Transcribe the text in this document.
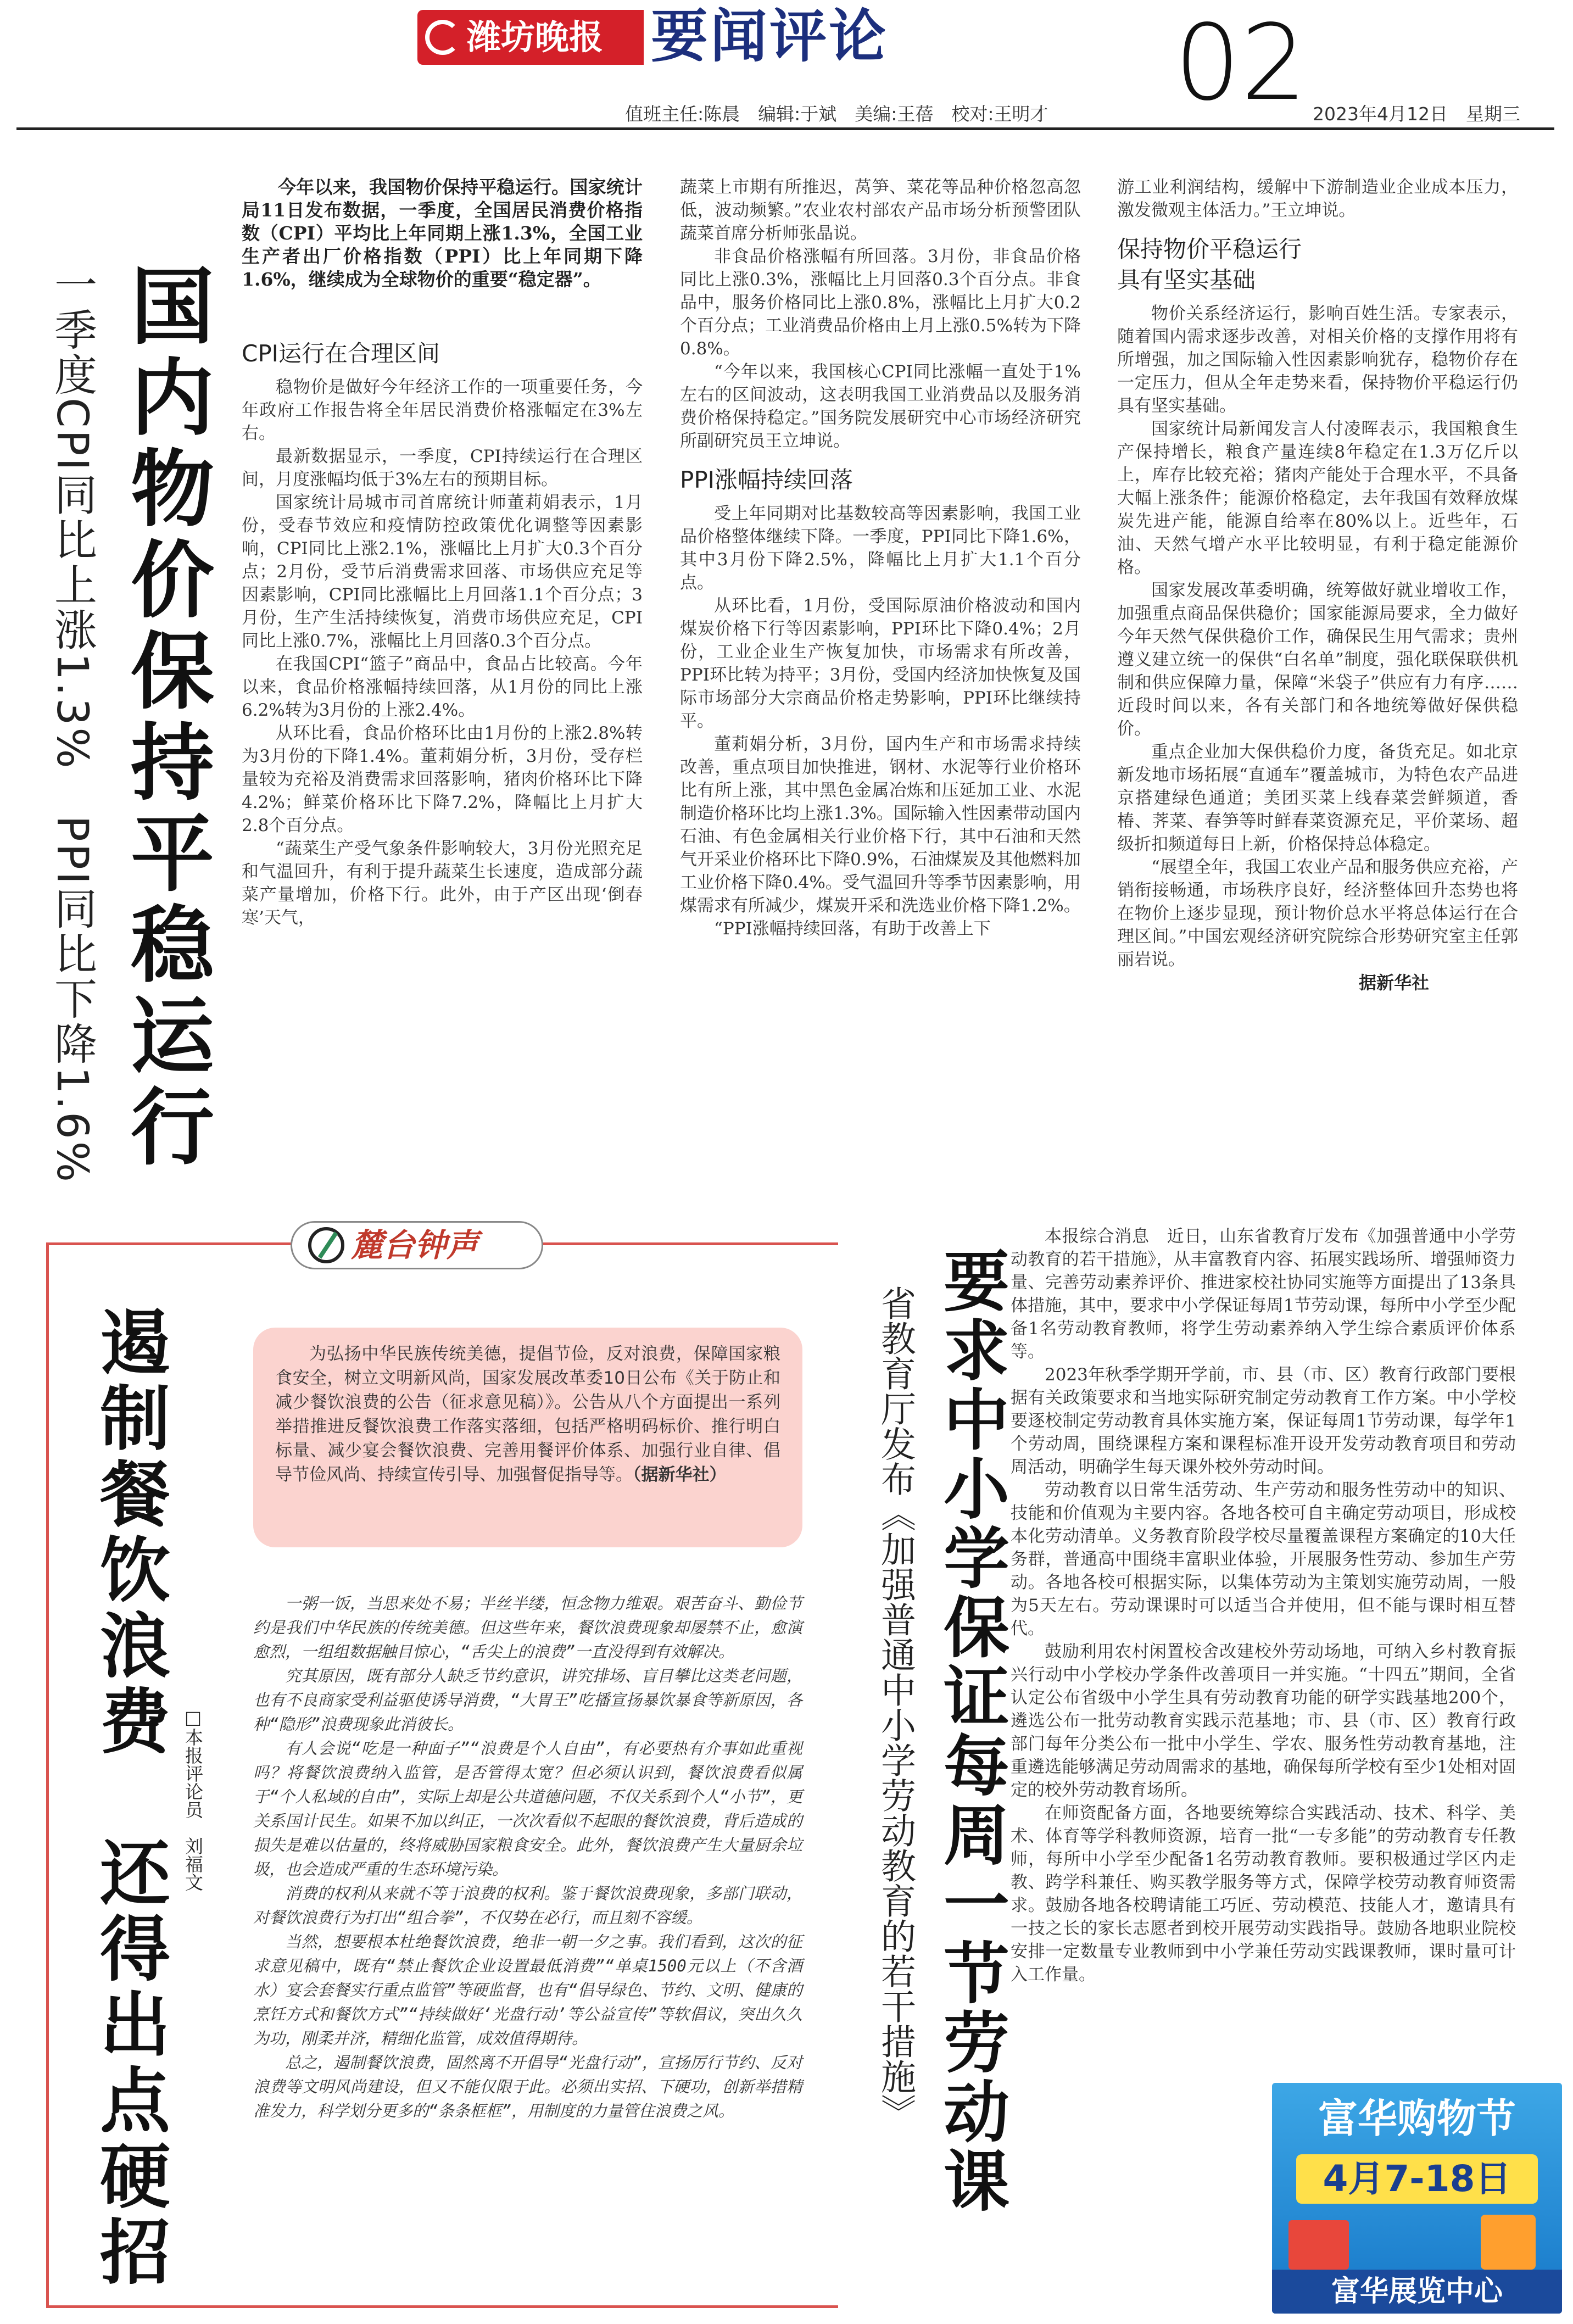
潍坊晚报 要闻评论	02
值班主任:陈晨　编辑:于斌　美编:王蓓　校对:王明才	2023年4月12日　星期三
国内物价保持平稳运行
一季度CPI同比上涨1.3%　PPI同比下降1.6%

今年以来，我国物价保持平稳运行。国家统计局11日发布数据，一季度，全国居民消费价格指数（CPI）平均比上年同期上涨1.3%，全国工业生产者出厂价格指数（PPI）比上年同期下降1.6%，继续成为全球物价的重要“稳定器”。

CPI运行在合理区间

稳物价是做好今年经济工作的一项重要任务，今年政府工作报告将全年居民消费价格涨幅定在3%左右。

最新数据显示，一季度，CPI持续运行在合理区间，月度涨幅均低于3%左右的预期目标。

国家统计局城市司首席统计师董莉娟表示，1月份，受春节效应和疫情防控政策优化调整等因素影响，CPI同比上涨2.1%，涨幅比上月扩大0.3个百分点；2月份，受节后消费需求回落、市场供应充足等因素影响，CPI同比涨幅比上月回落1.1个百分点；3月份，生产生活持续恢复，消费市场供应充足，CPI同比上涨0.7%，涨幅比上月回落0.3个百分点。

在我国CPI“篮子”商品中，食品占比较高。今年以来，食品价格涨幅持续回落，从1月份的同比上涨6.2%转为3月份的上涨2.4%。

从环比看，食品价格环比由1月份的上涨2.8%转为3月份的下降1.4%。董莉娟分析，3月份，受存栏量较为充裕及消费需求回落影响，猪肉价格环比下降4.2%；鲜菜价格环比下降7.2%，降幅比上月扩大2.8个百分点。

“蔬菜生产受气象条件影响较大，3月份光照充足和气温回升，有利于提升蔬菜生长速度，造成部分蔬菜产量增加，价格下行。此外，由于产区出现‘倒春寒’天气，

蔬菜上市期有所推迟，莴笋、菜花等品种价格忽高忽低，波动频繁。”农业农村部农产品市场分析预警团队蔬菜首席分析师张晶说。

非食品价格涨幅有所回落。3月份，非食品价格同比上涨0.3%，涨幅比上月回落0.3个百分点。非食品中，服务价格同比上涨0.8%，涨幅比上月扩大0.2个百分点；工业消费品价格由上月上涨0.5%转为下降0.8%。

“今年以来，我国核心CPI同比涨幅一直处于1%左右的区间波动，这表明我国工业消费品以及服务消费价格保持稳定。”国务院发展研究中心市场经济研究所副研究员王立坤说。

PPI涨幅持续回落

受上年同期对比基数较高等因素影响，我国工业品价格整体继续下降。一季度，PPI同比下降1.6%，其中3月份下降2.5%，降幅比上月扩大1.1个百分点。

从环比看，1月份，受国际原油价格波动和国内煤炭价格下行等因素影响，PPI环比下降0.4%；2月份，工业企业生产恢复加快，市场需求有所改善，PPI环比转为持平；3月份，受国内经济加快恢复及国际市场部分大宗商品价格走势影响，PPI环比继续持平。

董莉娟分析，3月份，国内生产和市场需求持续改善，重点项目加快推进，钢材、水泥等行业价格环比有所上涨，其中黑色金属冶炼和压延加工业、水泥制造价格环比均上涨1.3%。国际输入性因素带动国内石油、有色金属相关行业价格下行，其中石油和天然气开采业价格环比下降0.9%，石油煤炭及其他燃料加工业价格下降0.4%。受气温回升等季节因素影响，用煤需求有所减少，煤炭开采和洗选业价格下降1.2%。

“PPI涨幅持续回落，有助于改善上下

游工业利润结构，缓解中下游制造业企业成本压力，激发微观主体活力。”王立坤说。

保持物价平稳运行
具有坚实基础

物价关系经济运行，影响百姓生活。专家表示，随着国内需求逐步改善，对相关价格的支撑作用将有所增强，加之国际输入性因素影响犹存，稳物价存在一定压力，但从全年走势来看，保持物价平稳运行仍具有坚实基础。

国家统计局新闻发言人付凌晖表示，我国粮食生产保持增长，粮食产量连续8年稳定在1.3万亿斤以上，库存比较充裕；猪肉产能处于合理水平，不具备大幅上涨条件；能源价格稳定，去年我国有效释放煤炭先进产能，能源自给率在80%以上。近些年，石油、天然气增产水平比较明显，有利于稳定能源价格。

国家发展改革委明确，统筹做好就业增收工作，加强重点商品保供稳价；国家能源局要求，全力做好今年天然气保供稳价工作，确保民生用气需求；贵州遵义建立统一的保供“白名单”制度，强化联保联供机制和供应保障力量，保障“米袋子”供应有力有序……近段时间以来，各有关部门和各地统筹做好保供稳价。

重点企业加大保供稳价力度，备货充足。如北京新发地市场拓展“直通车”覆盖城市，为特色农产品进京搭建绿色通道；美团买菜上线春菜尝鲜频道，香椿、荠菜、春笋等时鲜春菜资源充足，平价菜场、超级折扣频道每日上新，价格保持总体稳定。

“展望全年，我国工农业产品和服务供应充裕，产销衔接畅通，市场秩序良好，经济整体回升态势也将在物价上逐步显现，预计物价总水平将总体运行在合理区间。”中国宏观经济研究院综合形势研究室主任郭丽岩说。

据新华社
麓台钟声
遏制餐饮浪费　还得出点硬招	为弘扬中华民族传统美德，提倡节俭，反对浪费，保障国家粮食安全，树立文明新风尚，国家发展改革委10日公布《关于防止和减少餐饮浪费的公告（征求意见稿）》。公告从八个方面提出一系列举措推进反餐饮浪费工作落实落细，包括严格明码标价、推行明白标量、减少宴会餐饮浪费、完善用餐评价体系、加强行业自律、倡导节俭风尚、持续宣传引导、加强督促指导等。（据新华社）
□本报评论员　刘福文

一粥一饭，当思来处不易；半丝半缕，恒念物力维艰。艰苦奋斗、勤俭节约是我们中华民族的传统美德。但这些年来，餐饮浪费现象却屡禁不止，愈演愈烈，一组组数据触目惊心，“舌尖上的浪费”一直没得到有效解决。

究其原因，既有部分人缺乏节约意识，讲究排场、盲目攀比这类老问题，也有不良商家受利益驱使诱导消费，“大胃王”吃播宣扬暴饮暴食等新原因，各种“隐形”浪费现象此消彼长。

有人会说“吃是一种面子”“浪费是个人自由”，有必要热有介事如此重视吗？将餐饮浪费纳入监管，是否管得太宽？但必须认识到，餐饮浪费看似属于“个人私域的自由”，实际上却是公共道德问题，不仅关系到个人“小节”，更关系国计民生。如果不加以纠正，一次次看似不起眼的餐饮浪费，背后造成的损失是难以估量的，终将威胁国家粮食安全。此外，餐饮浪费产生大量厨余垃圾，也会造成严重的生态环境污染。

消费的权利从来就不等于浪费的权利。鉴于餐饮浪费现象，多部门联动，对餐饮浪费行为打出“组合拳”，不仅势在必行，而且刻不容缓。

当然，想要根本杜绝餐饮浪费，绝非一朝一夕之事。我们看到，这次的征求意见稿中，既有“禁止餐饮企业设置最低消费”“单桌1500元以上（不含酒水）宴会套餐实行重点监管”等硬监督，也有“倡导绿色、节约、文明、健康的烹饪方式和餐饮方式”“持续做好‘光盘行动’等公益宣传”等软倡议，突出久久为功，刚柔并济，精细化监管，成效值得期待。

总之，遏制餐饮浪费，固然离不开倡导“光盘行动”，宣扬厉行节约、反对浪费等文明风尚建设，但又不能仅限于此。必须出实招、下硬功，创新举措精准发力，科学划分更多的“条条框框”，用制度的力量管住浪费之风。	要求中小学保证每周一节劳动课
省教育厅发布《加强普通中小学劳动教育的若干措施》

本报综合消息　近日，山东省教育厅发布《加强普通中小学劳动教育的若干措施》，从丰富教育内容、拓展实践场所、增强师资力量、完善劳动素养评价、推进家校社协同实施等方面提出了13条具体措施，其中，要求中小学保证每周1节劳动课，每所中小学至少配备1名劳动教育教师，将学生劳动素养纳入学生综合素质评价体系等。

2023年秋季学期开学前，市、县（市、区）教育行政部门要根据有关政策要求和当地实际研究制定劳动教育工作方案。中小学校要逐校制定劳动教育具体实施方案，保证每周1节劳动课，每学年1个劳动周，围绕课程方案和课程标准开设开发劳动教育项目和劳动周活动，明确学生每天课外校外劳动时间。

劳动教育以日常生活劳动、生产劳动和服务性劳动中的知识、技能和价值观为主要内容。各地各校可自主确定劳动项目，形成校本化劳动清单。义务教育阶段学校尽量覆盖课程方案确定的10大任务群，普通高中围绕丰富职业体验，开展服务性劳动、参加生产劳动。各地各校可根据实际，以集体劳动为主策划实施劳动周，一般为5天左右。劳动课课时可以适当合并使用，但不能与课时相互替代。

鼓励利用农村闲置校舍改建校外劳动场地，可纳入乡村教育振兴行动中小学校办学条件改善项目一并实施。“十四五”期间，全省认定公布省级中小学生具有劳动教育功能的研学实践基地200个，遴选公布一批劳动教育实践示范基地；市、县（市、区）教育行政部门每年分类公布一批中小学生、学农、服务性劳动教育基地，注重遴选能够满足劳动周需求的基地，确保每所学校有至少1处相对固定的校外劳动教育场所。

在师资配备方面，各地要统筹综合实践活动、技术、科学、美术、体育等学科教师资源，培育一批“一专多能”的劳动教育专任教师，每所中小学至少配备1名劳动教育教师。要积极通过学区内走教、跨学科兼任、购买教学服务等方式，保障学校劳动教育师资需求。鼓励各地各校聘请能工巧匠、劳动模范、技能人才，邀请具有一技之长的家长志愿者到校开展劳动实践指导。鼓励各地职业院校安排一定数量专业教师到中小学兼任劳动实践课教师，课时量可计入工作量。

富华购物节
4月7-18日
富华展览中心
